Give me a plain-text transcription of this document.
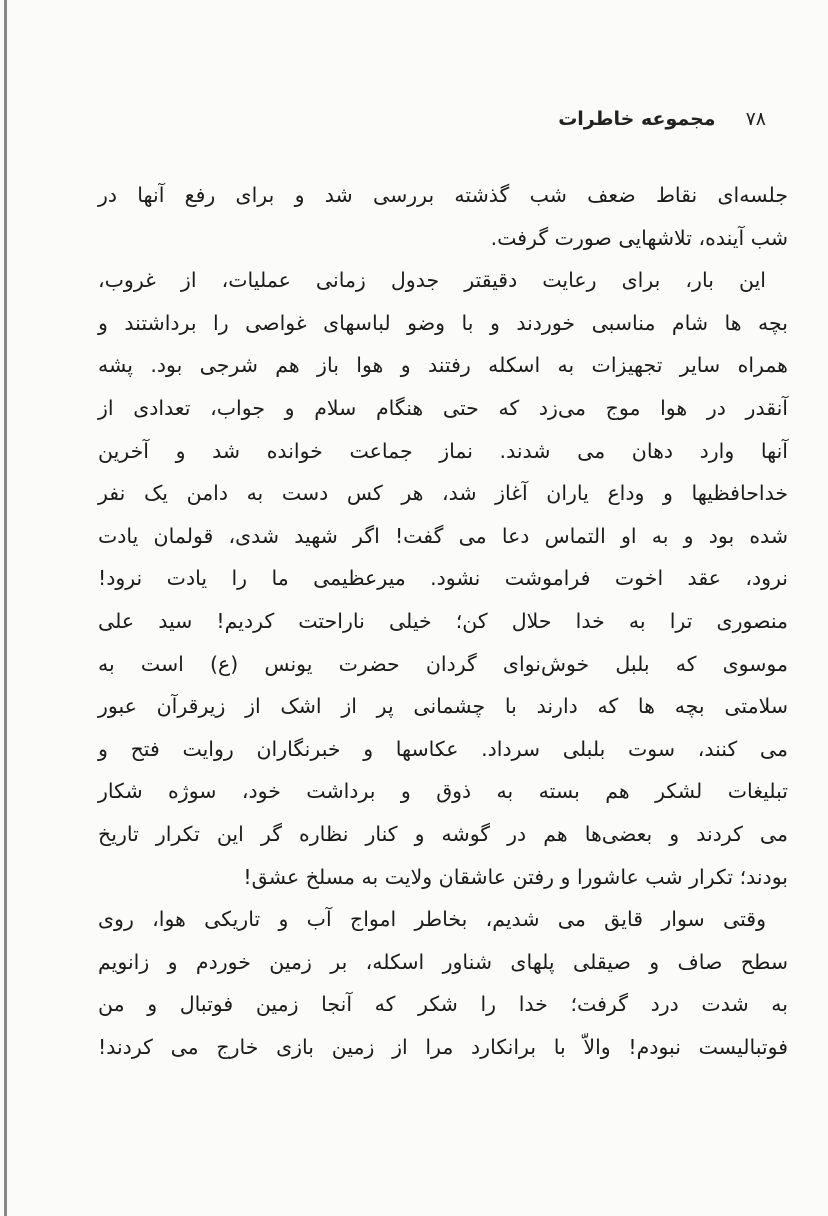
۷۸
مجموعه خاطرات
جلسه‌ای نقاط ضعف شب گذشته بررسی شد و برای رفع آنها در
شب آینده، تلاشهایی صورت گرفت.
این بار، برای رعایت دقیقتر جدول زمانی عملیات، از غروب،
بچه ها شام مناسبی خوردند و با وضو لباسهای غواصی را برداشتند و
همراه سایر تجهیزات به اسکله رفتند و هوا باز هم شرجی بود. پشه
آنقدر در هوا موج می‌زد که حتی هنگام سلام و جواب، تعدادی از
آنها وارد دهان می شدند. نماز جماعت خوانده شد و آخرین
خداحافظیها و وداع یاران آغاز شد، هر کس دست به دامن یک نفر
شده بود و به او التماس دعا می گفت! اگر شهید شدی، قولمان یادت
نرود، عقد اخوت فراموشت نشود. میرعظیمی ما را یادت نرود!
منصوری ترا به خدا حلال کن؛ خیلی ناراحتت کردیم! سید علی
موسوی که بلبل خوش‌نوای گردان حضرت یونس (ع) است به
سلامتی بچه ها که دارند با چشمانی پر از اشک از زیرقرآن عبور
می کنند، سوت بلبلی سرداد. عکاسها و خبرنگاران روایت فتح و
تبلیغات لشکر هم بسته به ذوق و برداشت خود، سوژه شکار
می کردند و بعضی‌ها هم در گوشه و کنار نظاره گر این تکرار تاریخ
بودند؛ تکرار شب عاشورا و رفتن عاشقان ولایت به مسلخ عشق!
وقتی سوار قایق می شدیم، بخاطر امواج آب و تاریکی هوا، روی
سطح صاف و صیقلی پلهای شناور اسکله، بر زمین خوردم و زانویم
به شدت درد گرفت؛ خدا را شکر که آنجا زمین فوتبال و من
فوتبالیست نبودم! والاّ با برانکارد مرا از زمین بازی خارج می کردند!
